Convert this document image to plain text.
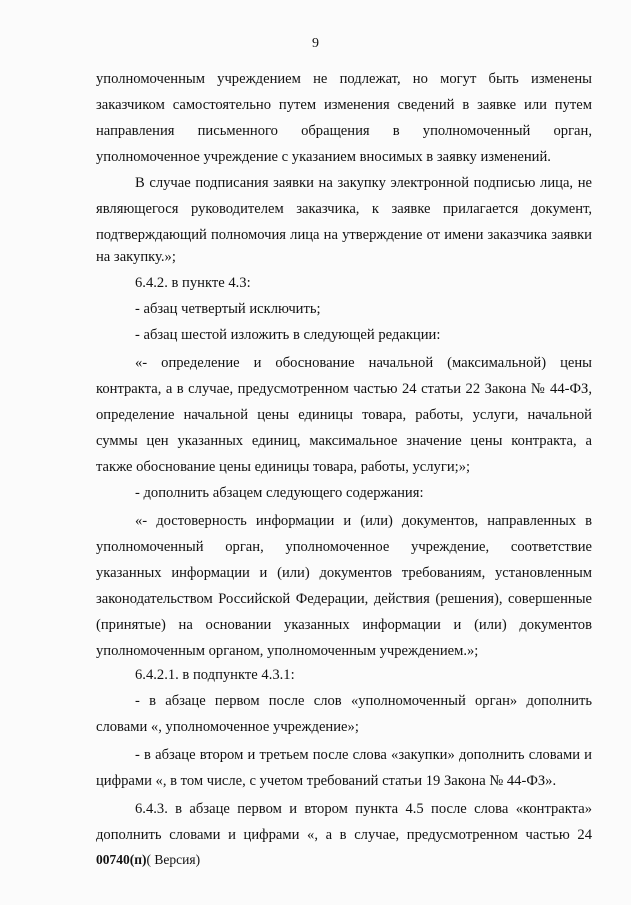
9
уполномоченным учреждением не подлежат, но могут быть изменены
заказчиком самостоятельно путем изменения сведений в заявке или путем
направления письменного обращения в уполномоченный орган,
уполномоченное учреждение с указанием вносимых в заявку изменений.
В случае подписания заявки на закупку электронной подписью лица, не
являющегося руководителем заказчика, к заявке прилагается документ,
подтверждающий полномочия лица на утверждение от имени заказчика заявки
на закупку.»;
6.4.2. в пункте 4.3:
- абзац четвертый исключить;
- абзац шестой изложить в следующей редакции:
«- определение и обоснование начальной (максимальной) цены
контракта, а в случае, предусмотренном частью 24 статьи 22 Закона № 44-ФЗ,
определение начальной цены единицы товара, работы, услуги, начальной
суммы цен указанных единиц, максимальное значение цены контракта, а
также обоснование цены единицы товара, работы, услуги;»;
- дополнить абзацем следующего содержания:
«- достоверность информации и (или) документов, направленных в
уполномоченный орган, уполномоченное учреждение, соответствие
указанных информации и (или) документов требованиям, установленным
законодательством Российской Федерации, действия (решения), совершенные
(принятые) на основании указанных информации и (или) документов
уполномоченным органом, уполномоченным учреждением.»;
6.4.2.1. в подпункте 4.3.1:
- в абзаце первом после слов «уполномоченный орган» дополнить
словами «, уполномоченное учреждение»;
- в абзаце втором и третьем после слова «закупки» дополнить словами и
цифрами «, в том числе, с учетом требований статьи 19 Закона № 44-ФЗ».
6.4.3. в абзаце первом и втором пункта 4.5 после слова «контракта»
дополнить словами и цифрами «, а в случае, предусмотренном частью 24
00740(п)( Версия)
